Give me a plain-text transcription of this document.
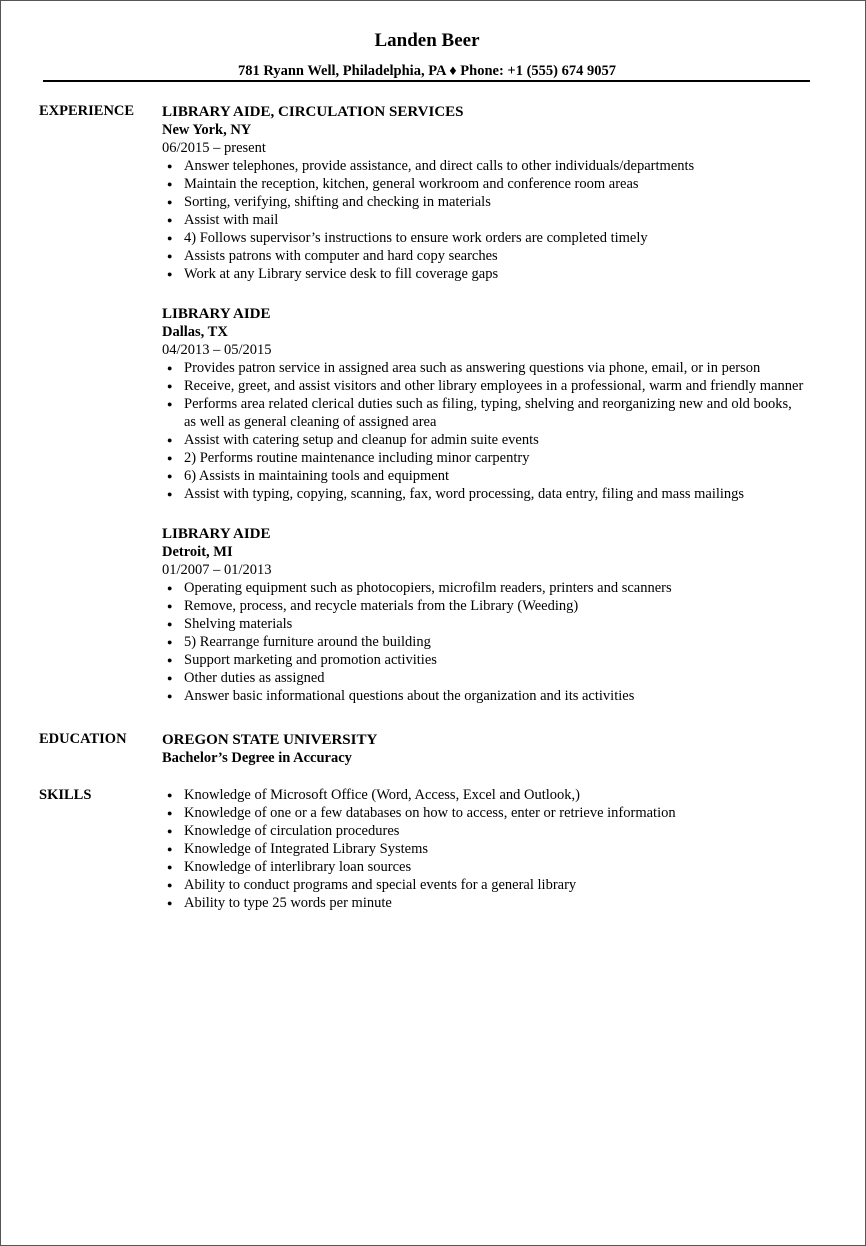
Landen Beer
781 Ryann Well, Philadelphia, PA ♦ Phone: +1 (555) 674 9057
EXPERIENCE LIBRARY AIDE, CIRCULATION SERVICES
New York, NY
06/2015 – present
● Answer telephones, provide assistance, and direct calls to other individuals/departments
● Maintain the reception, kitchen, general workroom and conference room areas
● Sorting, verifying, shifting and checking in materials
● Assist with mail
● 4) Follows supervisor’s instructions to ensure work orders are completed timely
● Assists patrons with computer and hard copy searches
● Work at any Library service desk to fill coverage gaps
LIBRARY AIDE
Dallas, TX
04/2013 – 05/2015
● Provides patron service in assigned area such as answering questions via phone, email, or in person
● Receive, greet, and assist visitors and other library employees in a professional, warm and friendly manner
● Performs area related clerical duties such as filing, typing, shelving and reorganizing new and old books,
as well as general cleaning of assigned area
● Assist with catering setup and cleanup for admin suite events
● 2) Performs routine maintenance including minor carpentry
● 6) Assists in maintaining tools and equipment
● Assist with typing, copying, scanning, fax, word processing, data entry, filing and mass mailings
LIBRARY AIDE
Detroit, MI
01/2007 – 01/2013
● Operating equipment such as photocopiers, microfilm readers, printers and scanners
● Remove, process, and recycle materials from the Library (Weeding)
● Shelving materials
● 5) Rearrange furniture around the building
● Support marketing and promotion activities
● Other duties as assigned
● Answer basic informational questions about the organization and its activities
EDUCATION OREGON STATE UNIVERSITY
Bachelor’s Degree in Accuracy
SKILLS	● Knowledge of Microsoft Office (Word, Access, Excel and Outlook,)
● Knowledge of one or a few databases on how to access, enter or retrieve information
● Knowledge of circulation procedures
● Knowledge of Integrated Library Systems
● Knowledge of interlibrary loan sources
● Ability to conduct programs and special events for a general library
● Ability to type 25 words per minute
